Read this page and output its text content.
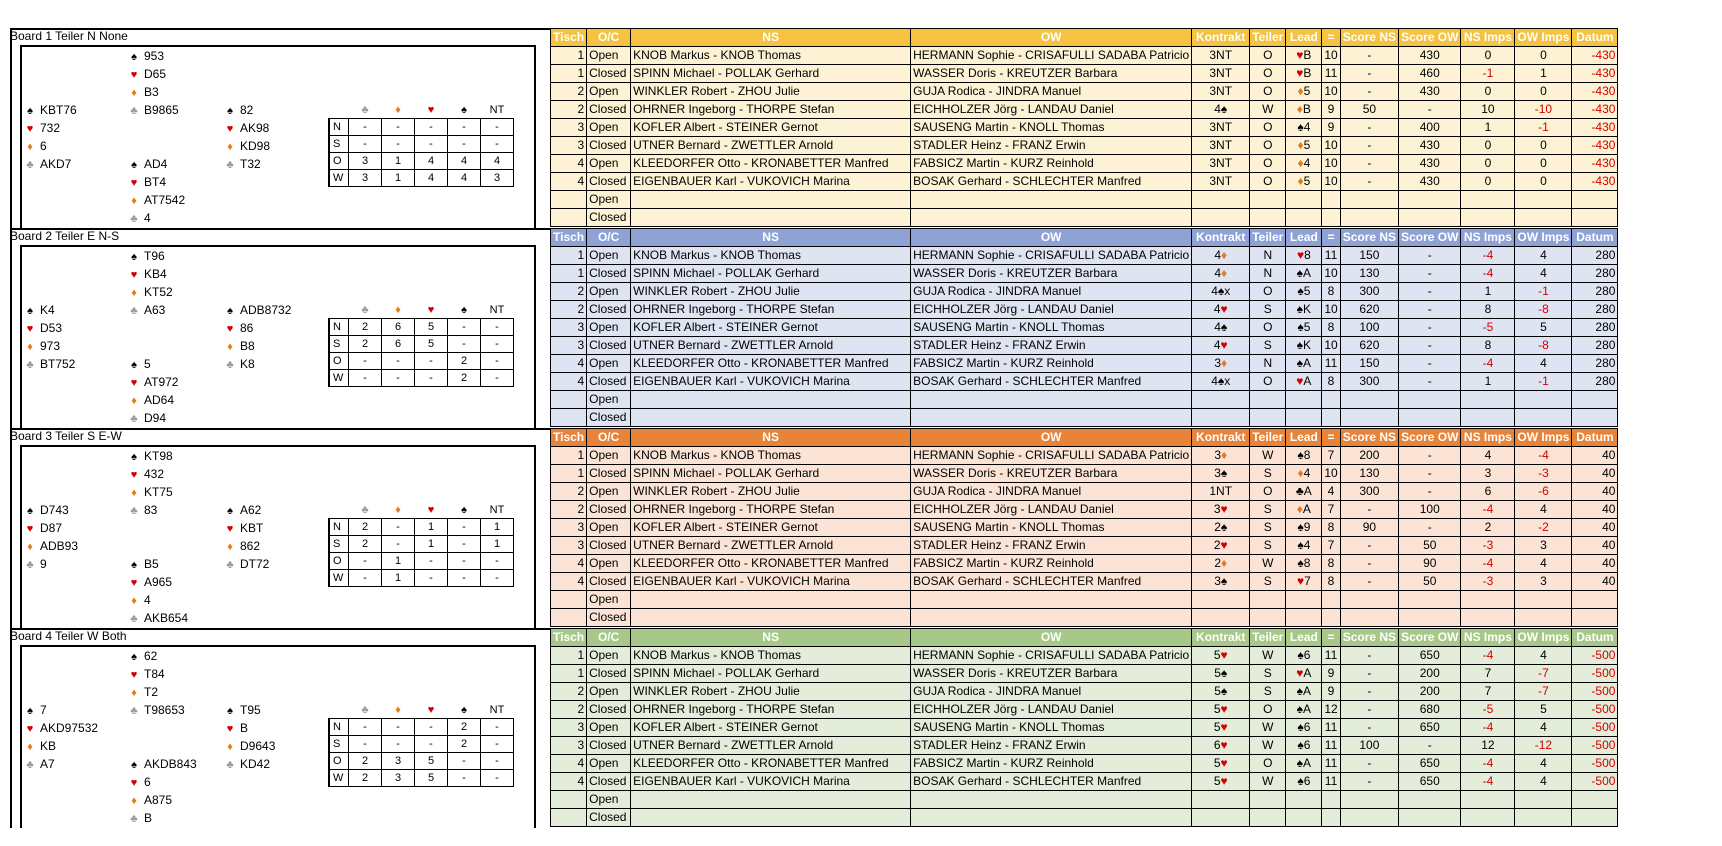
Board 1 Teiler N None
♠ 953
♥ D65
♦ B3
♠ KBT76	♣ B9865	♠ 82
♥ 732	♥ AK98
♦ 6	♦ KD98
♣ AKD7	♠ AD4	♣ T32
♥ BT4
♦ AT7542
♣ 4
	♣	♦	♥	♠	NT
N	-	-	-	-	-
S	-	-	-	-	-
O	3	1	4	4	4
W	3	1	4	4	3
Tisch	O/C	NS	OW	Kontrakt	Teiler	Lead	=	Score NS	Score OW	NS Imps	OW Imps	Datum
1	Open	KNOB Markus - KNOB Thomas	HERMANN Sophie - CRISAFULLI SADABA Patricio	3NT	O	♥B	10	-	430	0	0	-430
1	Closed	SPINN Michael - POLLAK Gerhard	WASSER Doris - KREUTZER Barbara	3NT	O	♥B	11	-	460	-1	1	-430
2	Open	WINKLER Robert - ZHOU Julie	GUJA Rodica - JINDRA Manuel	3NT	O	♦5	10	-	430	0	0	-430
2	Closed	OHRNER Ingeborg - THORPE Stefan	EICHHOLZER Jörg - LANDAU Daniel	4♠	W	♦B	9	50	-	10	-10	-430
3	Open	KOFLER Albert - STEINER Gernot	SAUSENG Martin - KNOLL Thomas	3NT	O	♠4	9	-	400	1	-1	-430
3	Closed	UTNER Bernard - ZWETTLER Arnold	STADLER Heinz - FRANZ Erwin	3NT	O	♦5	10	-	430	0	0	-430
4	Open	KLEEDORFER Otto - KRONABETTER Manfred	FABSICZ Martin - KURZ Reinhold	3NT	O	♦4	10	-	430	0	0	-430
4	Closed	EIGENBAUER Karl - VUKOVICH Marina	BOSAK Gerhard - SCHLECHTER Manfred	3NT	O	♦5	10	-	430	0	0	-430
	Open											
	Closed											
Board 2 Teiler E N-S
♠ T96
♥ KB4
♦ KT52
♠ K4	♣ A63	♠ ADB8732
♥ D53	♥ 86
♦ 973	♦ B8
♣ BT752	♠ 5	♣ K8
♥ AT972
♦ AD64
♣ D94
	♣	♦	♥	♠	NT
N	2	6	5	-	-
S	2	6	5	-	-
O	-	-	-	2	-
W	-	-	-	2	-
Tisch	O/C	NS	OW	Kontrakt	Teiler	Lead	=	Score NS	Score OW	NS Imps	OW Imps	Datum
1	Open	KNOB Markus - KNOB Thomas	HERMANN Sophie - CRISAFULLI SADABA Patricio	4♦	N	♥8	11	150	-	-4	4	280
1	Closed	SPINN Michael - POLLAK Gerhard	WASSER Doris - KREUTZER Barbara	4♦	N	♠A	10	130	-	-4	4	280
2	Open	WINKLER Robert - ZHOU Julie	GUJA Rodica - JINDRA Manuel	4♠x	O	♠5	8	300	-	1	-1	280
2	Closed	OHRNER Ingeborg - THORPE Stefan	EICHHOLZER Jörg - LANDAU Daniel	4♥	S	♠K	10	620	-	8	-8	280
3	Open	KOFLER Albert - STEINER Gernot	SAUSENG Martin - KNOLL Thomas	4♠	O	♠5	8	100	-	-5	5	280
3	Closed	UTNER Bernard - ZWETTLER Arnold	STADLER Heinz - FRANZ Erwin	4♥	S	♠K	10	620	-	8	-8	280
4	Open	KLEEDORFER Otto - KRONABETTER Manfred	FABSICZ Martin - KURZ Reinhold	3♦	N	♠A	11	150	-	-4	4	280
4	Closed	EIGENBAUER Karl - VUKOVICH Marina	BOSAK Gerhard - SCHLECHTER Manfred	4♠x	O	♥A	8	300	-	1	-1	280
	Open											
	Closed											
Board 3 Teiler S E-W
♠ KT98
♥ 432
♦ KT75
♠ D743	♣ 83	♠ A62
♥ D87	♥ KBT
♦ ADB93	♦ 862
♣ 9	♠ B5	♣ DT72
♥ A965
♦ 4
♣ AKB654
	♣	♦	♥	♠	NT
N	2	-	1	-	1
S	2	-	1	-	1
O	-	1	-	-	-
W	-	1	-	-	-
Tisch	O/C	NS	OW	Kontrakt	Teiler	Lead	=	Score NS	Score OW	NS Imps	OW Imps	Datum
1	Open	KNOB Markus - KNOB Thomas	HERMANN Sophie - CRISAFULLI SADABA Patricio	3♦	W	♠8	7	200	-	4	-4	40
1	Closed	SPINN Michael - POLLAK Gerhard	WASSER Doris - KREUTZER Barbara	3♠	S	♦4	10	130	-	3	-3	40
2	Open	WINKLER Robert - ZHOU Julie	GUJA Rodica - JINDRA Manuel	1NT	O	♣A	4	300	-	6	-6	40
2	Closed	OHRNER Ingeborg - THORPE Stefan	EICHHOLZER Jörg - LANDAU Daniel	3♥	S	♦A	7	-	100	-4	4	40
3	Open	KOFLER Albert - STEINER Gernot	SAUSENG Martin - KNOLL Thomas	2♠	S	♠9	8	90	-	2	-2	40
3	Closed	UTNER Bernard - ZWETTLER Arnold	STADLER Heinz - FRANZ Erwin	2♥	S	♠4	7	-	50	-3	3	40
4	Open	KLEEDORFER Otto - KRONABETTER Manfred	FABSICZ Martin - KURZ Reinhold	2♦	W	♠8	8	-	90	-4	4	40
4	Closed	EIGENBAUER Karl - VUKOVICH Marina	BOSAK Gerhard - SCHLECHTER Manfred	3♠	S	♥7	8	-	50	-3	3	40
	Open											
	Closed											
Board 4 Teiler W Both
♠ 62
♥ T84
♦ T2
♠ 7	♣ T98653	♠ T95
♥ AKD97532	♥ B
♦ KB	♦ D9643
♣ A7	♠ AKDB843	♣ KD42
♥ 6
♦ A875
♣ B
	♣	♦	♥	♠	NT
N	-	-	-	2	-
S	-	-	-	2	-
O	2	3	5	-	-
W	2	3	5	-	-
Tisch	O/C	NS	OW	Kontrakt	Teiler	Lead	=	Score NS	Score OW	NS Imps	OW Imps	Datum
1	Open	KNOB Markus - KNOB Thomas	HERMANN Sophie - CRISAFULLI SADABA Patricio	5♥	W	♠6	11	-	650	-4	4	-500
1	Closed	SPINN Michael - POLLAK Gerhard	WASSER Doris - KREUTZER Barbara	5♠	S	♥A	9	-	200	7	-7	-500
2	Open	WINKLER Robert - ZHOU Julie	GUJA Rodica - JINDRA Manuel	5♠	S	♠A	9	-	200	7	-7	-500
2	Closed	OHRNER Ingeborg - THORPE Stefan	EICHHOLZER Jörg - LANDAU Daniel	5♥	O	♠A	12	-	680	-5	5	-500
3	Open	KOFLER Albert - STEINER Gernot	SAUSENG Martin - KNOLL Thomas	5♥	W	♠6	11	-	650	-4	4	-500
3	Closed	UTNER Bernard - ZWETTLER Arnold	STADLER Heinz - FRANZ Erwin	6♥	W	♠6	11	100	-	12	-12	-500
4	Open	KLEEDORFER Otto - KRONABETTER Manfred	FABSICZ Martin - KURZ Reinhold	5♥	O	♠A	11	-	650	-4	4	-500
4	Closed	EIGENBAUER Karl - VUKOVICH Marina	BOSAK Gerhard - SCHLECHTER Manfred	5♥	W	♠6	11	-	650	-4	4	-500
	Open											
	Closed											
